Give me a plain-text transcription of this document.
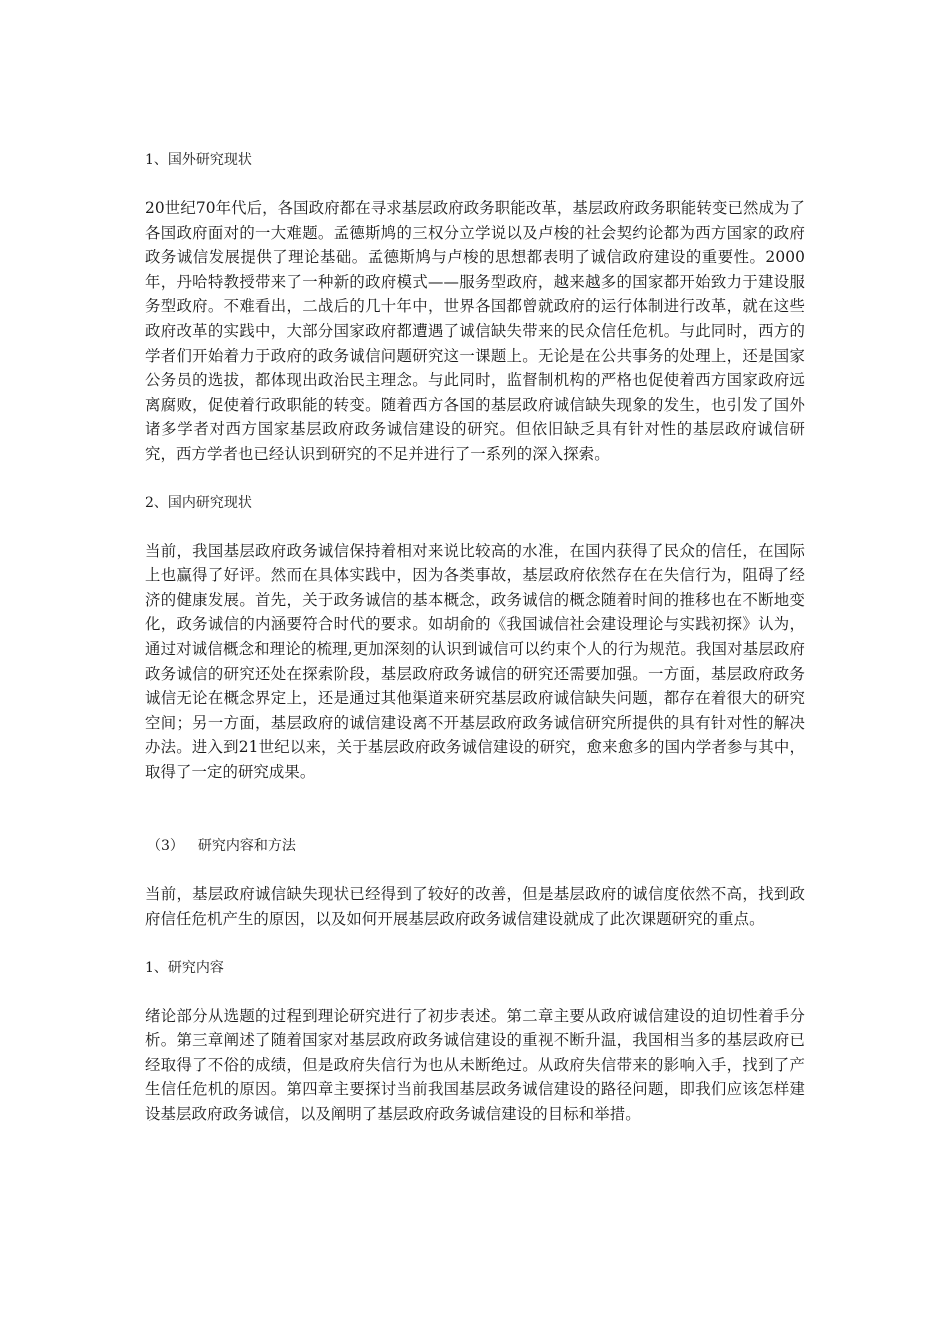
1、国外研究现状

20世纪70年代后，各国政府都在寻求基层政府政务职能改革，基层政府政务职能转变已然成为了各国政府面对的一大难题。孟德斯鸠的三权分立学说以及卢梭的社会契约论都为西方国家的政府政务诚信发展提供了理论基础。孟德斯鸠与卢梭的思想都表明了诚信政府建设的重要性。2000年，丹哈特教授带来了一种新的政府模式——服务型政府，越来越多的国家都开始致力于建设服务型政府。不难看出，二战后的几十年中，世界各国都曾就政府的运行体制进行改革，就在这些政府改革的实践中，大部分国家政府都遭遇了诚信缺失带来的民众信任危机。与此同时，西方的学者们开始着力于政府的政务诚信问题研究这一课题上。无论是在公共事务的处理上，还是国家公务员的选拔，都体现出政治民主理念。与此同时，监督制机构的严格也促使着西方国家政府远离腐败，促使着行政职能的转变。随着西方各国的基层政府诚信缺失现象的发生，也引发了国外诸多学者对西方国家基层政府政务诚信建设的研究。但依旧缺乏具有针对性的基层政府诚信研究，西方学者也已经认识到研究的不足并进行了一系列的深入探索。

2、国内研究现状

当前，我国基层政府政务诚信保持着相对来说比较高的水准，在国内获得了民众的信任，在国际上也赢得了好评。然而在具体实践中，因为各类事故，基层政府依然存在在失信行为，阻碍了经济的健康发展。首先，关于政务诚信的基本概念，政务诚信的概念随着时间的推移也在不断地变化，政务诚信的内涵要符合时代的要求。如胡俞的《我国诚信社会建设理论与实践初探》认为，通过对诚信概念和理论的梳理,更加深刻的认识到诚信可以约束个人的行为规范。我国对基层政府政务诚信的研究还处在探索阶段，基层政府政务诚信的研究还需要加强。一方面，基层政府政务诚信无论在概念界定上，还是通过其他渠道来研究基层政府诚信缺失问题，都存在着很大的研究空间；另一方面，基层政府的诚信建设离不开基层政府政务诚信研究所提供的具有针对性的解决办法。进入到21世纪以来，关于基层政府政务诚信建设的研究，愈来愈多的国内学者参与其中，取得了一定的研究成果。

（3） 研究内容和方法

当前，基层政府诚信缺失现状已经得到了较好的改善，但是基层政府的诚信度依然不高，找到政府信任危机产生的原因，以及如何开展基层政府政务诚信建设就成了此次课题研究的重点。

1、研究内容

绪论部分从选题的过程到理论研究进行了初步表述。第二章主要从政府诚信建设的迫切性着手分析。第三章阐述了随着国家对基层政府政务诚信建设的重视不断升温，我国相当多的基层政府已经取得了不俗的成绩，但是政府失信行为也从未断绝过。从政府失信带来的影响入手，找到了产生信任危机的原因。第四章主要探讨当前我国基层政务诚信建设的路径问题，即我们应该怎样建设基层政府政务诚信，以及阐明了基层政府政务诚信建设的目标和举措。
